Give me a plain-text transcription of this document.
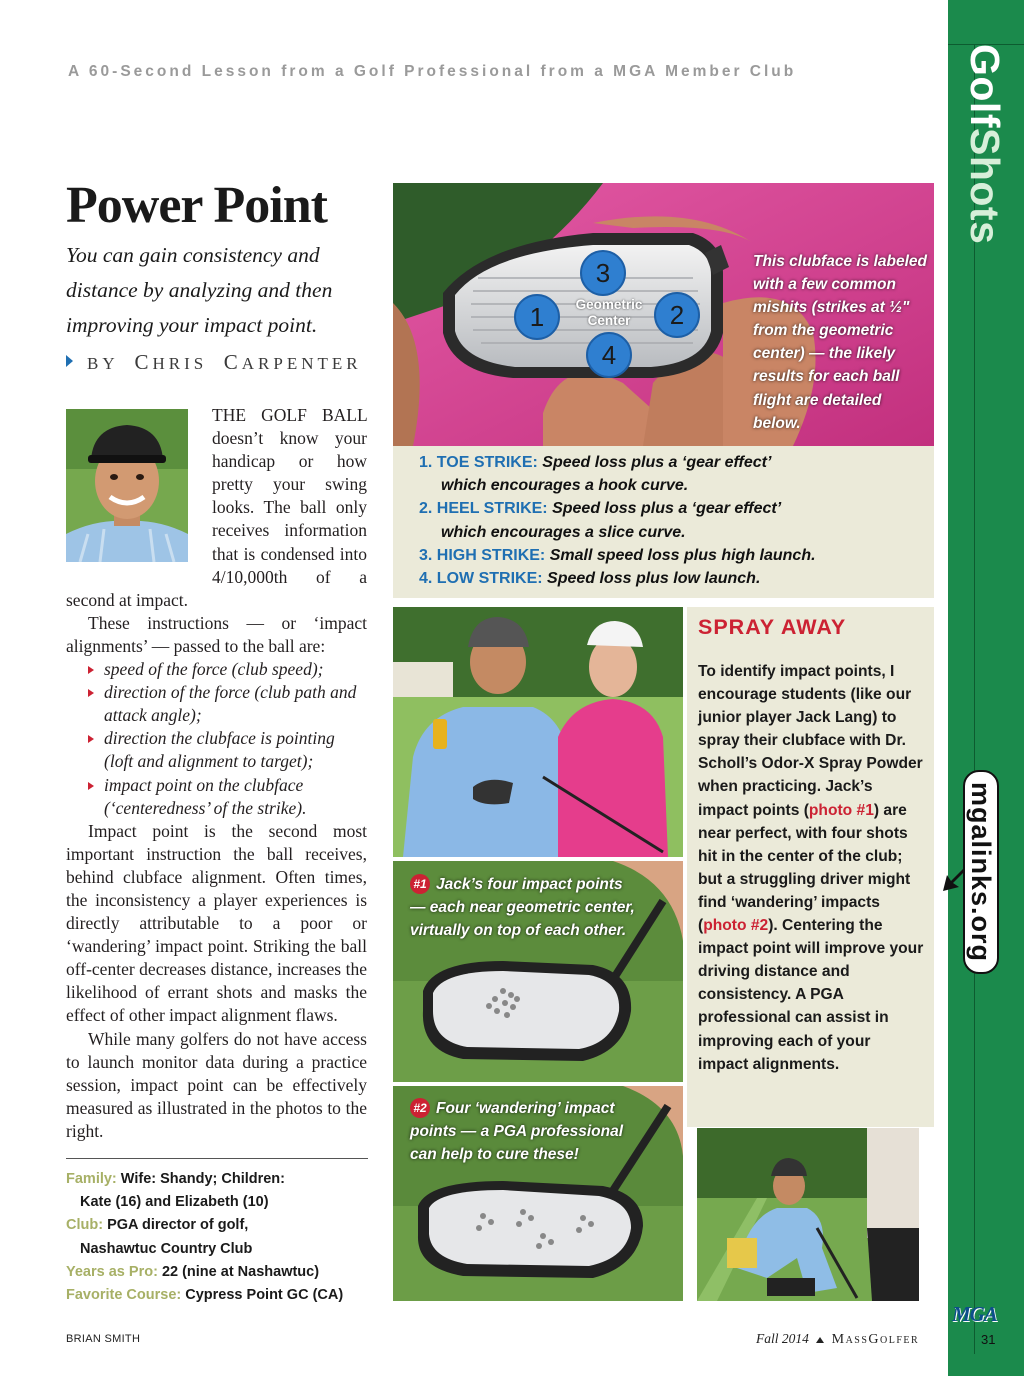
A 60-Second Lesson from a Golf Professional from a MGA Member Club
Power Point
You can gain consistency and distance by analyzing and then improving your impact point.
BY CHRIS CARPENTER

THE GOLF BALL doesn’t know your handicap or how pretty your swing looks. The ball only receives information that is condensed into 4/10,000th of a second at impact.

These instructions — or ‘impact alignments’ — passed to the ball are:

speed of the force (club speed);
direction of the force (club path and attack angle);
direction the clubface is pointing (loft and alignment to target);
impact point on the clubface (‘centeredness’ of the strike).

Impact point is the second most important instruction the ball receives, behind clubface alignment. Often times, the inconsistency a player experiences is directly attributable to a poor or ‘wandering’ impact point. Striking the ball off-center decreases distance, increases the likelihood of errant shots and masks the effect of other impact alignment flaws.

While many golfers do not have access to launch monitor data during a practice session, impact point can be effectively measured as illustrated in the photos to the right.

Family: Wife: Shandy; Children:
Kate (16) and Elizabeth (10)
Club: PGA director of golf,
Nashawtuc Country Club
Years as Pro: 22 (nine at Nashawtuc)
Favorite Course: Cypress Point GC (CA)
3
1	2
4
Geometric
Center
This clubface is labeled with a few common mishits (strikes at ½" from the geometric center) — the likely results for each ball flight are detailed below.
1. TOE STRIKE: Speed loss plus a ‘gear effect’
which encourages a hook curve.
2. HEEL STRIKE: Speed loss plus a ‘gear effect’
which encourages a slice curve.
3. HIGH STRIKE: Small speed loss plus high launch.
4. LOW STRIKE: Speed loss plus low launch.
#1 Jack’s four impact points
— each near geometric center,
virtually on top of each other.
#2 Four ‘wandering’ impact
points — a PGA professional
can help to cure these!
SPRAY AWAY

To identify impact points, I encourage students (like our junior player Jack Lang) to spray their clubface with Dr. Scholl’s Odor-X Spray Powder when practicing. Jack’s impact points (photo #1) are near perfect, with four shots hit in the center of the club; but a struggling driver might find ‘wandering’ impacts (photo #2). Centering the impact point will improve your driving distance and consistency. A PGA professional can assist in improving each of your impact alignments.

GolfShots
mgalinks.org
MGA
31
BRIAN SMITH	Fall 2014 MassGolfer
